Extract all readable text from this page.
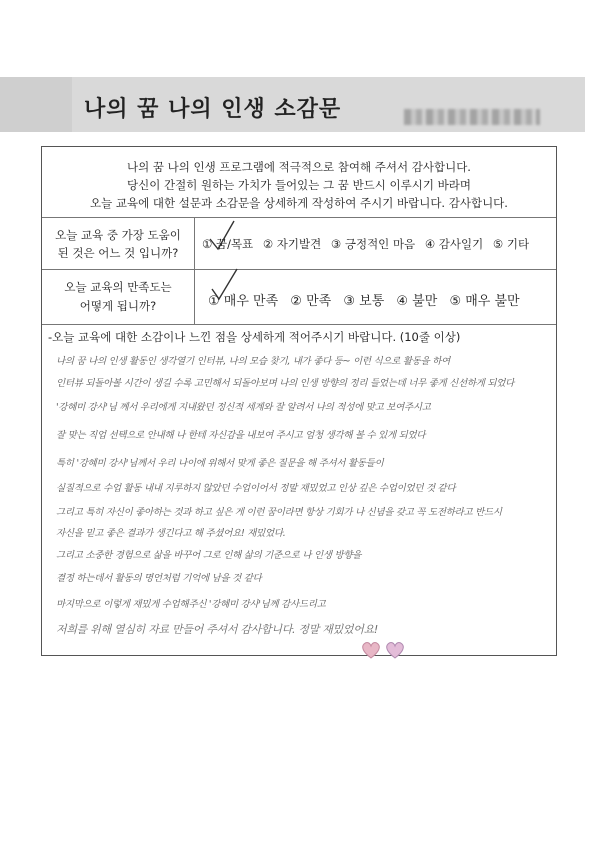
나의 꿈 나의 인생 소감문
나의 꿈 나의 인생 프로그램에 적극적으로 참여해 주셔서 감사합니다.
당신이 간절히 원하는 가치가 들어있는 그 꿈 반드시 이루시기 바라며
오늘 교육에 대한 설문과 소감문을 상세하게 작성하여 주시기 바랍니다. 감사합니다.
오늘 교육 중 가장 도움이
된 것은 어느 것 입니까?
① 꿈/목표 ② 자기발견 ③ 긍정적인 마음 ④ 감사일기 ⑤ 기타
오늘 교육의 만족도는
어떻게 됩니까?	① 매우 만족 ② 만족 ③ 보통 ④ 불만 ⑤ 매우 불만
-오늘 교육에 대한 소감이나 느낀 점을 상세하게 적어주시기 바랍니다. (10줄 이상)
나의 꿈 나의 인생 활동인 생각열기 인터뷰, 나의 모습 찾기, 내가 좋다 등~ 이런 식으로 활동을 하여
인터뷰 되돌아볼 시간이 생길 수록 고민해서 되돌아보며 나의 인생 방향의 정리 들었는데 너무 좋게 신선하게 되었다
'강혜미 강사'님 께서 우리에게 지내왔던 정신적 세계와 잘 알려서 나의 적성에 맞고 보여주시고
잘 맞는 직업 선택으로 안내해 나 한테 자신감을 내보여 주시고 엄청 생각해 볼 수 있게 되었다
특히 '강혜미 강사'님께서 우리 나이에 위해서 맞게 좋은 질문을 해 주셔서 활동들이
실질적으로 수업 활동 내내 지루하지 않았던 수업이어서 정말 재밌었고 인상 깊은 수업이었던 것 같다
그리고 특히 자신이 좋아하는 것과 하고 싶은 게 이런 꿈이라면 항상 기회가 나 신념을 갖고 꼭 도전하라고 반드시
자신을 믿고 좋은 결과가 생긴다고 해 주셨어요! 재밌었다.
그리고 소중한 경험으로 삶을 바꾸어 그로 인해 삶의 기준으로 나 인생 방향을
결정 하는데서 활동의 명언처럼 기억에 남을 것 같다
마지막으로 이렇게 재밌게 수업해주신 '강혜미 강사'님께 감사드리고
저희를 위해 열심히 자료 만들어 주셔서 감사합니다. 정말 재밌었어요!
